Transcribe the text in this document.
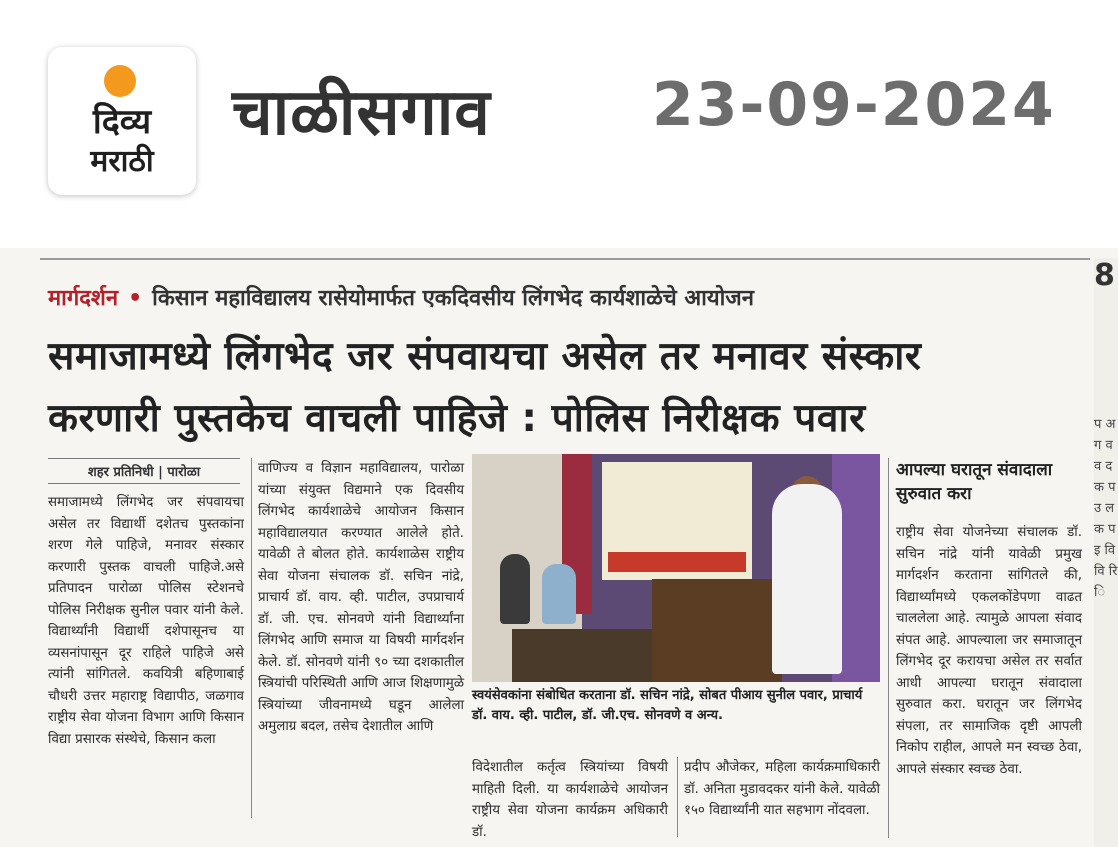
दिव्य
मराठी
चाळीसगाव	23-09-2024
मार्गदर्शन • किसान महाविद्यालय रासेयोमार्फत एकदिवसीय लिंगभेद कार्यशाळेचे आयोजन
समाजामध्ये लिंगभेद जर संपवायचा असेल तर मनावर संस्कार
करणारी पुस्तकेच वाचली पाहिजे : पोलिस निरीक्षक पवार
शहर प्रतिनिधी | पारोळा
समाजामध्ये लिंगभेद जर संपवायचा असेल तर विद्यार्थी दशेतच पुस्तकांना शरण गेले पाहिजे, मनावर संस्कार करणारी पुस्तक वाचली पाहिजे.असे प्रतिपादन पारोळा पोलिस स्टेशनचे पोलिस निरीक्षक सुनील पवार यांनी केले. विद्यार्थ्यांनी विद्यार्थी दशेपासूनच या व्यसनांपासून दूर राहिले पाहिजे असे त्यांनी सांगितले. कवयित्री बहिणाबाई चौधरी उत्तर महाराष्ट्र विद्यापीठ, जळगाव राष्ट्रीय सेवा योजना विभाग आणि किसान विद्या प्रसारक संस्थेचे, किसान कला
वाणिज्य व विज्ञान महाविद्यालय, पारोळा यांच्या संयुक्त विद्यमाने एक दिवसीय लिंगभेद कार्यशाळेचे आयोजन किसान महाविद्यालयात करण्यात आलेले होते. यावेळी ते बोलत होते. कार्यशाळेस राष्ट्रीय सेवा योजना संचालक डॉ. सचिन नांद्रे, प्राचार्य डॉ. वाय. व्ही. पाटील, उपप्राचार्य डॉ. जी. एच. सोनवणे यांनी विद्यार्थ्यांना लिंगभेद आणि समाज या विषयी मार्गदर्शन केले. डॉ. सोनवणे यांनी ९० च्या दशकातील स्त्रियांची परिस्थिती आणि आज शिक्षणामुळे स्त्रियांच्या जीवनामध्ये घडून आलेला अमुलाग्र बदल, तसेच देशातील आणि
स्वयंसेवकांना संबोधित करताना डॉ. सचिन नांद्रे, सोबत पीआय सुनील पवार, प्राचार्य डॉ. वाय. व्ही. पाटील, डॉ. जी.एच. सोनवणे व अन्य.
विदेशातील कर्तृत्व स्त्रियांच्या विषयी माहिती दिली. या कार्यशाळेचे आयोजन राष्ट्रीय सेवा योजना कार्यक्रम अधिकारी डॉ.
प्रदीप औजेकर, महिला कार्यक्रमाधिकारी डॉ. अनिता मुडावदकर यांनी केले. यावेळी १५० विद्यार्थ्यांनी यात सहभाग नोंदवला.
आपल्या घरातून संवादाला सुरुवात करा
राष्ट्रीय सेवा योजनेच्या संचालक डॉ. सचिन नांद्रे यांनी यावेळी प्रमुख मार्गदर्शन करताना सांगितले की, विद्यार्थ्यांमध्ये एकलकोंडेपणा वाढत चाललेला आहे. त्यामुळे आपला संवाद संपत आहे. आपल्याला जर समाजातून लिंगभेद दूर करायचा असेल तर सर्वात आधी आपल्या घरातून संवादाला सुरुवात करा. घरातून जर लिंगभेद संपला, तर सामाजिक दृष्टी आपली निकोप राहील, आपले मन स्वच्छ ठेवा, आपले संस्कार स्वच्छ ठेवा.
8
प अ ग व व द क प उ ल क प इ वि वि रि ि
